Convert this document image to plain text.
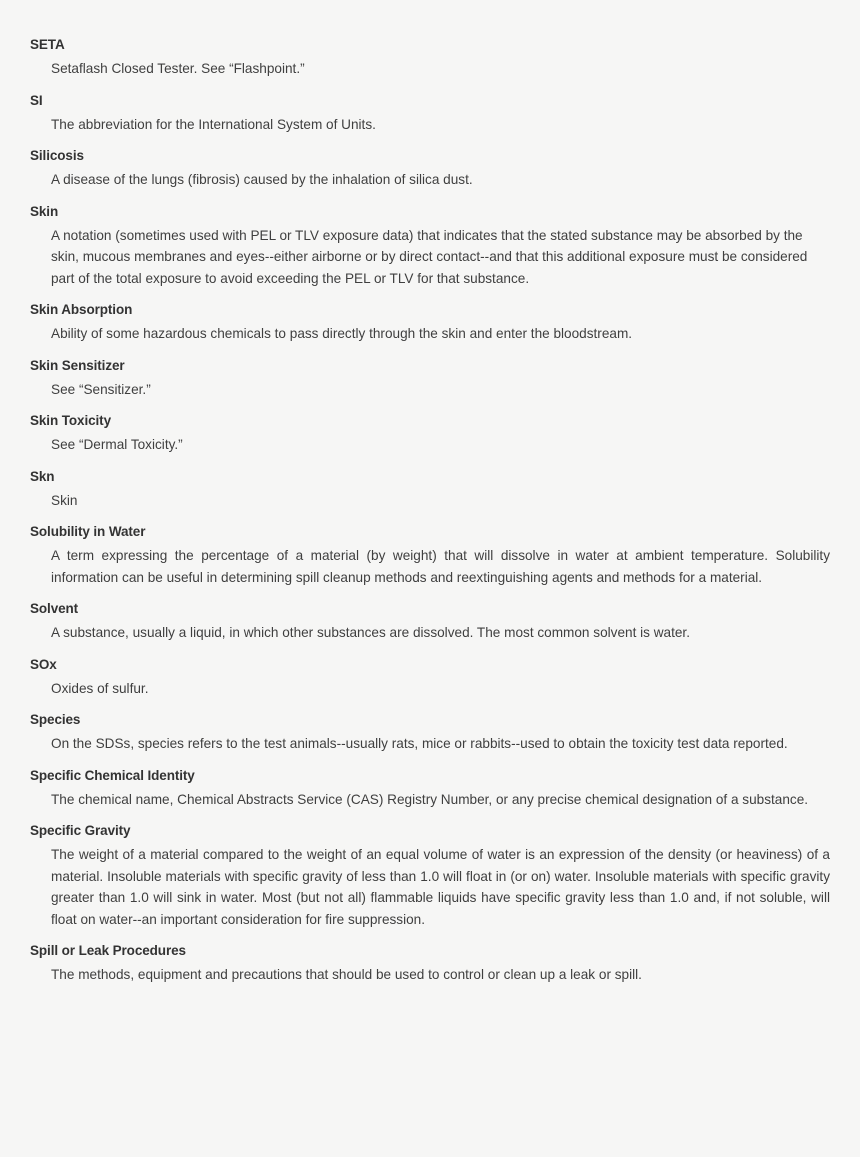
SETA
Setaflash Closed Tester. See “Flashpoint.”
SI
The abbreviation for the International System of Units.
Silicosis
A disease of the lungs (fibrosis) caused by the inhalation of silica dust.
Skin
A notation (sometimes used with PEL or TLV exposure data) that indicates that the stated substance may be absorbed by the skin, mucous membranes and eyes--either airborne or by direct contact--and that this additional exposure must be considered part of the total exposure to avoid exceeding the PEL or TLV for that substance.
Skin Absorption
Ability of some hazardous chemicals to pass directly through the skin and enter the bloodstream.
Skin Sensitizer
See “Sensitizer.”
Skin Toxicity
See “Dermal Toxicity.”
Skn
Skin
Solubility in Water
A term expressing the percentage of a material (by weight) that will dissolve in water at ambient temperature. Solubility information can be useful in determining spill cleanup methods and reextinguishing agents and methods for a material.
Solvent
A substance, usually a liquid, in which other substances are dissolved. The most common solvent is water.
SOx
Oxides of sulfur.
Species
On the SDSs, species refers to the test animals--usually rats, mice or rabbits--used to obtain the toxicity test data reported.
Specific Chemical Identity
The chemical name, Chemical Abstracts Service (CAS) Registry Number, or any precise chemical designation of a substance.
Specific Gravity
The weight of a material compared to the weight of an equal volume of water is an expression of the density (or heaviness) of a material. Insoluble materials with specific gravity of less than 1.0 will float in (or on) water. Insoluble materials with specific gravity greater than 1.0 will sink in water. Most (but not all) flammable liquids have specific gravity less than 1.0 and, if not soluble, will float on water--an important consideration for fire suppression.
Spill or Leak Procedures
The methods, equipment and precautions that should be used to control or clean up a leak or spill.
